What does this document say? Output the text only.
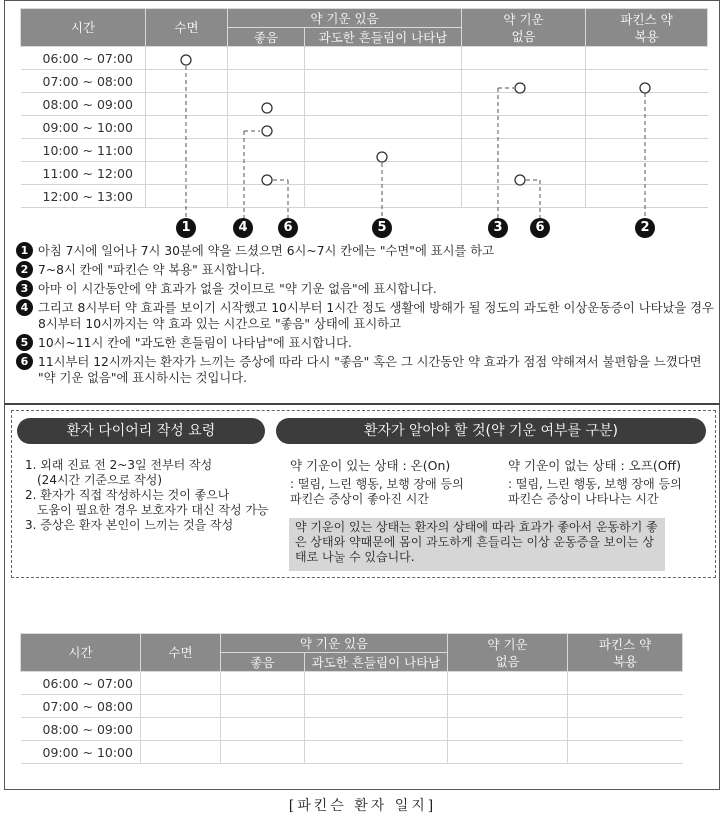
시간	수면	약 기운 있음		약 기운 없음	파킨스 약 복용
		좋음	과도한 흔들림이 나타남		
06:00 ~ 07:00					
07:00 ~ 08:00					
08:00 ~ 09:00					
09:00 ~ 10:00					
10:00 ~ 11:00					
11:00 ~ 12:00					
12:00 ~ 13:00					
1	4	6	5	3	6	2
1 아침 7시에 일어나 7시 30분에 약을 드셨으면 6시~7시 칸에는 "수면"에 표시를 하고
2 7~8시 칸에 "파킨슨 약 복용" 표시합니다.
3 아마 이 시간동안에 약 효과가 없을 것이므로 "약 기운 없음"에 표시합니다.
4 그리고 8시부터 약 효과를 보이기 시작했고 10시부터 1시간 정도 생활에 방해가 될 정도의 과도한 이상운동증이 나타났을 경우 8시부터 10시까지는 약 효과 있는 시간으로 "좋음" 상태에 표시하고
5 10시~11시 칸에 "과도한 흔들림이 나타남"에 표시합니다.
6 11시부터 12시까지는 환자가 느끼는 증상에 따라 다시 "좋음" 혹은 그 시간동안 약 효과가 점점 약해져서 불편함을 느꼈다면 "약 기운 없음"에 표시하시는 것입니다.
환자 다이어리 작성 요령	환자가 알아야 할 것(약 기운 여부를 구분)
1. 외래 진료 전 2~3일 전부터 작성
(24시간 기준으로 작성)
2. 환자가 직접 작성하시는 것이 좋으나
도움이 필요한 경우 보호자가 대신 작성 가능
3. 증상은 환자 본인이 느끼는 것을 작성
약 기운이 있는 상태 : 온(On)
: 떨림, 느린 행동, 보행 장애 등의 파킨슨 증상이 좋아진 시간
약 기운이 없는 상태 : 오프(Off)
: 떨림, 느린 행동, 보행 장애 등의 파킨슨 증상이 나타나는 시간
약 기운이 있는 상태는 환자의 상태에 따라 효과가 좋아서 운동하기 좋은 상태와 약때문에 몸이 과도하게 흔들리는 이상 운동증을 보이는 상태로 나눌 수 있습니다.
시간	수면	약 기운 있음		약 기운 없음	파킨스 약 복용
		좋음	과도한 흔들림이 나타남		
06:00 ~ 07:00					
07:00 ~ 08:00					
08:00 ~ 09:00					
09:00 ~ 10:00					
[파킨슨 환자 일지]
